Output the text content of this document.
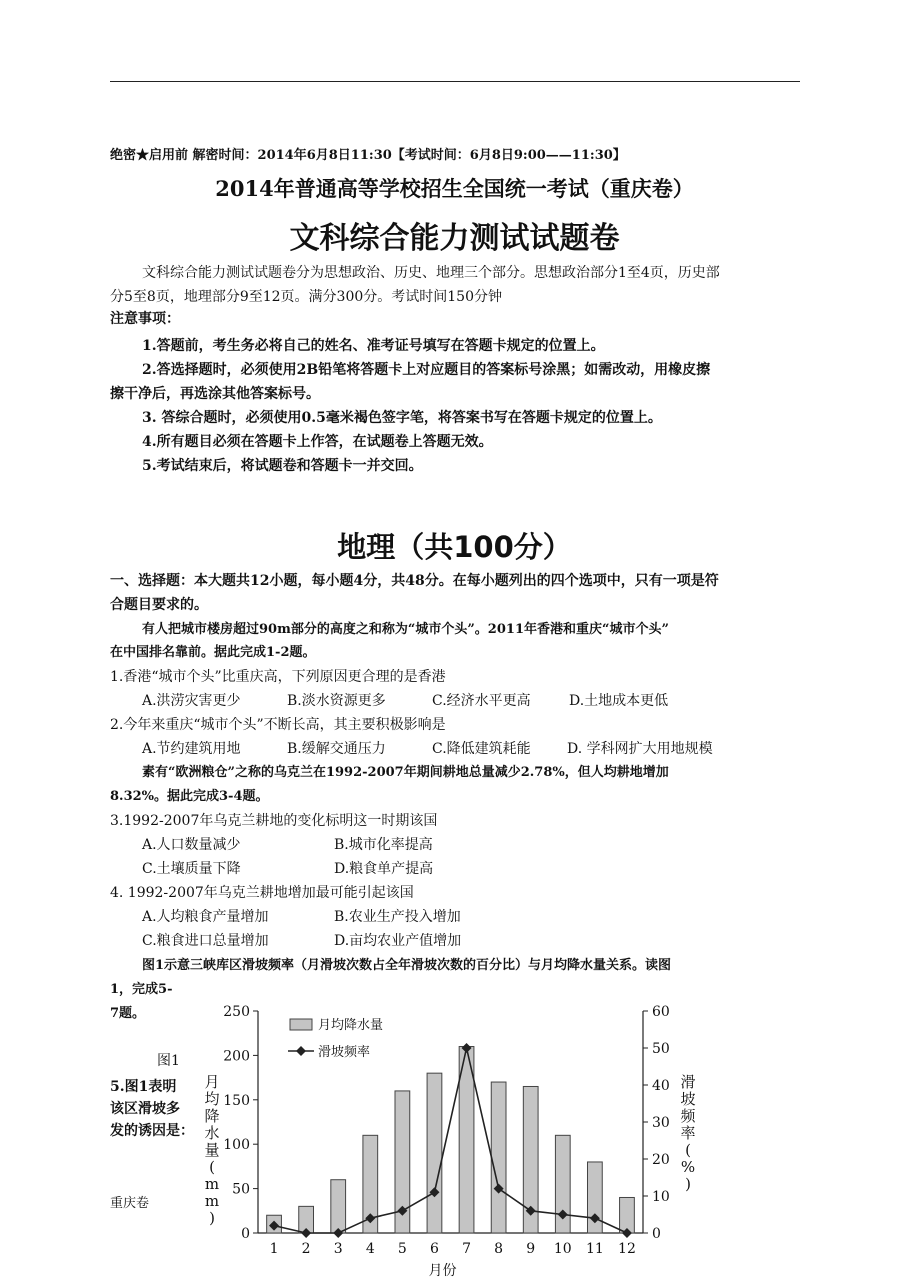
绝密★启用前 解密时间：2014年6月8日11:30【考试时间：6月8日9:00——11:30】
2014年普通高等学校招生全国统一考试（重庆卷）
文科综合能力测试试题卷
文科综合能力测试试题卷分为思想政治、历史、地理三个部分。思想政治部分1至4页，历史部
分5至8页，地理部分9至12页。满分300分。考试时间150分钟
注意事项：
1.答题前，考生务必将自己的姓名、准考证号填写在答题卡规定的位置上。
2.答选择题时，必须使用2B铅笔将答题卡上对应题目的答案标号涂黑；如需改动，用橡皮擦
擦干净后，再选涂其他答案标号。
3. 答综合题时，必须使用0.5毫米褐色签字笔，将答案书写在答题卡规定的位置上。
4.所有题目必须在答题卡上作答，在试题卷上答题无效。
5.考试结束后，将试题卷和答题卡一并交回。
地理（共100分）
一、选择题：本大题共12小题，每小题4分，共48分。在每小题列出的四个选项中，只有一项是符
合题目要求的。
有人把城市楼房超过90m部分的高度之和称为“城市个头”。2011年香港和重庆“城市个头”
在中国排名靠前。据此完成1-2题。
1.香港“城市个头”比重庆高，下列原因更合理的是香港
A.洪涝灾害更少	B.淡水资源更多	C.经济水平更高	D.土地成本更低
2.今年来重庆“城市个头”不断长高，其主要积极影响是
A.节约建筑用地	B.缓解交通压力	C.降低建筑耗能	D. 学科网扩大用地规模
素有“欧洲粮仓”之称的乌克兰在1992-2007年期间耕地总量减少2.78%，但人均耕地增加
8.32%。据此完成3-4题。
3.1992-2007年乌克兰耕地的变化标明这一时期该国
A.人口数量减少	B.城市化率提高
C.土壤质量下降	D.粮食单产提高
4. 1992-2007年乌克兰耕地增加最可能引起该国
A.人均粮食产量增加	B.农业生产投入增加
C.粮食进口总量增加	D.亩均农业产值增加
图1示意三峡库区滑坡频率（月滑坡次数占全年滑坡次数的百分比）与月均降水量关系。读图
1，完成5-
7题。
图1
5.图1表明
该区滑坡多
发的诱因是：
重庆卷
0
50
100
150
200
250
0
10
20
30
40
50
60
1 2 3 4 5 6 7 8 9 10 11 12
月份
月
均
降
水
量
(
m
m
)
滑
坡
频
率
(
%
)
月均降水量
滑坡频率
